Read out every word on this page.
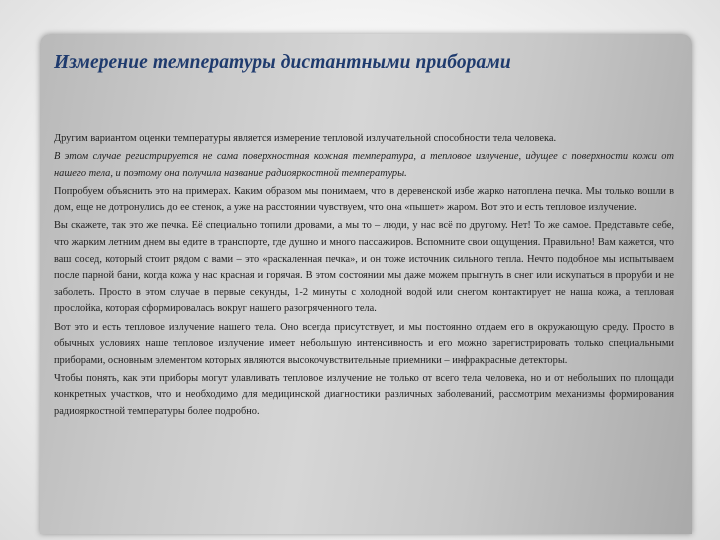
Измерение температуры дистантными приборами

Другим вариантом оценки температуры является измерение тепловой излучательной способности тела человека.

В этом случае регистрируется не сама поверхностная кожная температура, а тепловое излучение, идущее с поверхности кожи от нашего тела, и поэтому она получила название радиояркостной температуры.

Попробуем объяснить это на примерах. Каким образом мы понимаем, что в деревенской избе жарко натоплена печка. Мы только вошли в дом, еще не дотронулись до ее стенок, а уже на расстоянии чувствуем, что она «пышет» жаром. Вот это и есть тепловое излучение.

Вы скажете, так это же печка. Её специально топили дровами, а мы то – люди, у нас всё по другому. Нет! То же самое. Представьте себе, что жарким летним днем вы едите в транспорте, где душно и много пассажиров. Вспомните свои ощущения. Правильно! Вам кажется, что ваш сосед, который стоит рядом с вами – это «раскаленная печка», и он тоже источник сильного тепла. Нечто подобное мы испытываем после парной бани, когда кожа у нас красная и горячая. В этом состоянии мы даже можем прыгнуть в снег или искупаться в проруби и не заболеть. Просто в этом случае в первые секунды, 1-2 минуты с холодной водой или снегом контактирует не наша кожа, а тепловая прослойка, которая сформировалась вокруг нашего разогряченного тела.

Вот это и есть тепловое излучение нашего тела. Оно всегда присутствует, и мы постоянно отдаем его в окружающую среду. Просто в обычных условиях наше тепловое излучение имеет небольшую интенсивность и его можно зарегистрировать только специальными приборами, основным элементом которых являются высокочувствительные приемники – инфракрасные детекторы.

Чтобы понять, как эти приборы могут улавливать тепловое излучение не только от всего тела человека, но и от небольших по площади конкретных участков, что и необходимо для медицинской диагностики различных заболеваний, рассмотрим механизмы формирования радиояркостной температуры более подробно.
